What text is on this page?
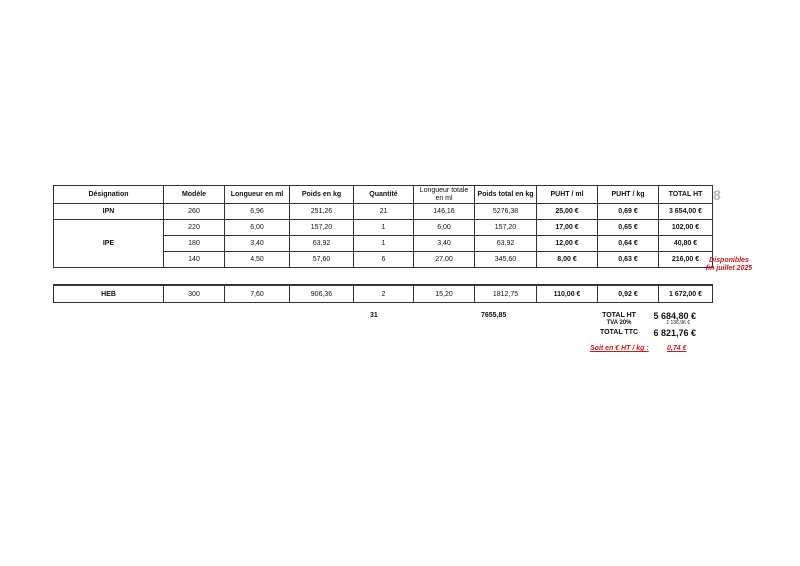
8
Désignation	Modèle	Longueur en ml	Poids en kg	Quantité	Longueur totale en ml	Poids total en kg	PUHT / ml	PUHT / kg	TOTAL HT
IPN	260	6,96	251,26	21	146,16	5276,38	25,00 €	0,69 €	3 654,00 €
IPE	220	6,00	157,20	1	6,00	157,20	17,00 €	0,65 €	102,00 €
	180	3,40	63,92	1	3,40	63,92	12,00 €	0,64 €	40,80 €
	140	4,50	57,60	6	27,00	345,60	8,00 €	0,63 €	216,00 €	Disponibles fin juillet 2025
HEB	300	7,60	906,36	2	15,20	1812,75	110,00 €	0,92 €	1 672,00 €
31	7655,85	TOTAL HT	5 684,80 €
TVA 20%	1 136,96 €
TOTAL TTC	6 821,76 €
Soit en € HT / kg :	0,74 €
